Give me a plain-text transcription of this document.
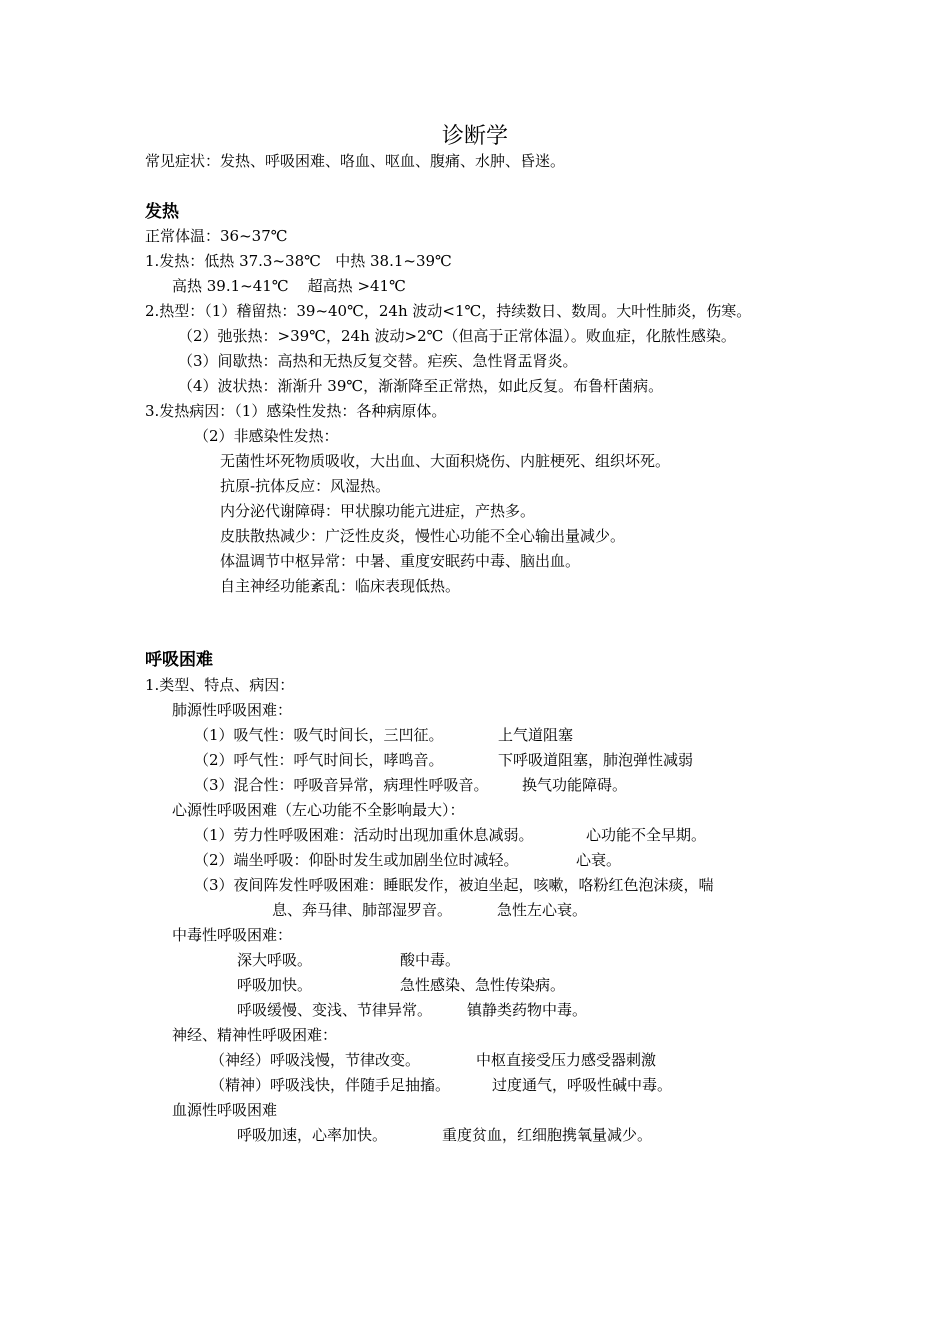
诊断学
常见症状：发热、呼吸困难、咯血、呕血、腹痛、水肿、昏迷。
发热
正常体温：36~37℃
1.发热：低热 37.3~38℃   中热 38.1~39℃
高热 39.1~41℃    超高热 >41℃
2.热型：（1）稽留热：39~40℃，24h 波动<1℃，持续数日、数周。大叶性肺炎，伤寒。
（2）弛张热：>39℃，24h 波动>2℃（但高于正常体温）。败血症，化脓性感染。
（3）间歇热：高热和无热反复交替。疟疾、急性肾盂肾炎。
（4）波状热：渐渐升 39℃，渐渐降至正常热，如此反复。布鲁杆菌病。
3.发热病因：（1）感染性发热：各种病原体。
（2）非感染性发热：
无菌性坏死物质吸收，大出血、大面积烧伤、内脏梗死、组织坏死。
抗原-抗体反应：风湿热。
内分泌代谢障碍：甲状腺功能亢进症，产热多。
皮肤散热减少：广泛性皮炎，慢性心功能不全心输出量减少。
体温调节中枢异常：中暑、重度安眠药中毒、脑出血。
自主神经功能紊乱：临床表现低热。
呼吸困难
1.类型、特点、病因：
肺源性呼吸困难：
（1）吸气性：吸气时间长，三凹征。	上气道阻塞
（2）呼气性：呼气时间长，哮鸣音。	下呼吸道阻塞，肺泡弹性减弱
（3）混合性：呼吸音异常，病理性呼吸音。 换气功能障碍。
心源性呼吸困难（左心功能不全影响最大）：
（1）劳力性呼吸困难：活动时出现加重休息减弱。	心功能不全早期。
（2）端坐呼吸：仰卧时发生或加剧坐位时减轻。	心衰。
（3）夜间阵发性呼吸困难：睡眠发作，被迫坐起，咳嗽，咯粉红色泡沫痰，喘
息、奔马律、肺部湿罗音。	急性左心衰。
中毒性呼吸困难：
深大呼吸。	酸中毒。
呼吸加快。	急性感染、急性传染病。
呼吸缓慢、变浅、节律异常。 镇静类药物中毒。
神经、精神性呼吸困难：
（神经）呼吸浅慢，节律改变。	中枢直接受压力感受器刺激
（精神）呼吸浅快，伴随手足抽搐。	过度通气，呼吸性碱中毒。
血源性呼吸困难
呼吸加速，心率加快。	重度贫血，红细胞携氧量减少。
